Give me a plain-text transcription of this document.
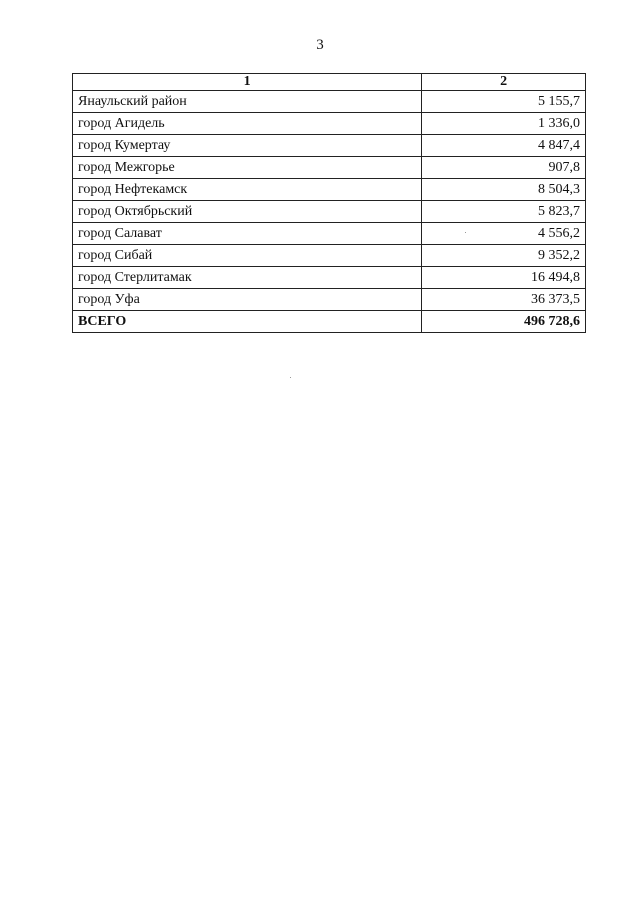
3
1	2
Янаульский район	5 155,7
город Агидель	1 336,0
город Кумертау	4 847,4
город Межгорье	907,8
город Нефтекамск	8 504,3
город Октябрьский	5 823,7
город Салават	4 556,2
город Сибай	9 352,2
город Стерлитамак	16 494,8
город Уфа	36 373,5
ВСЕГО	496 728,6
